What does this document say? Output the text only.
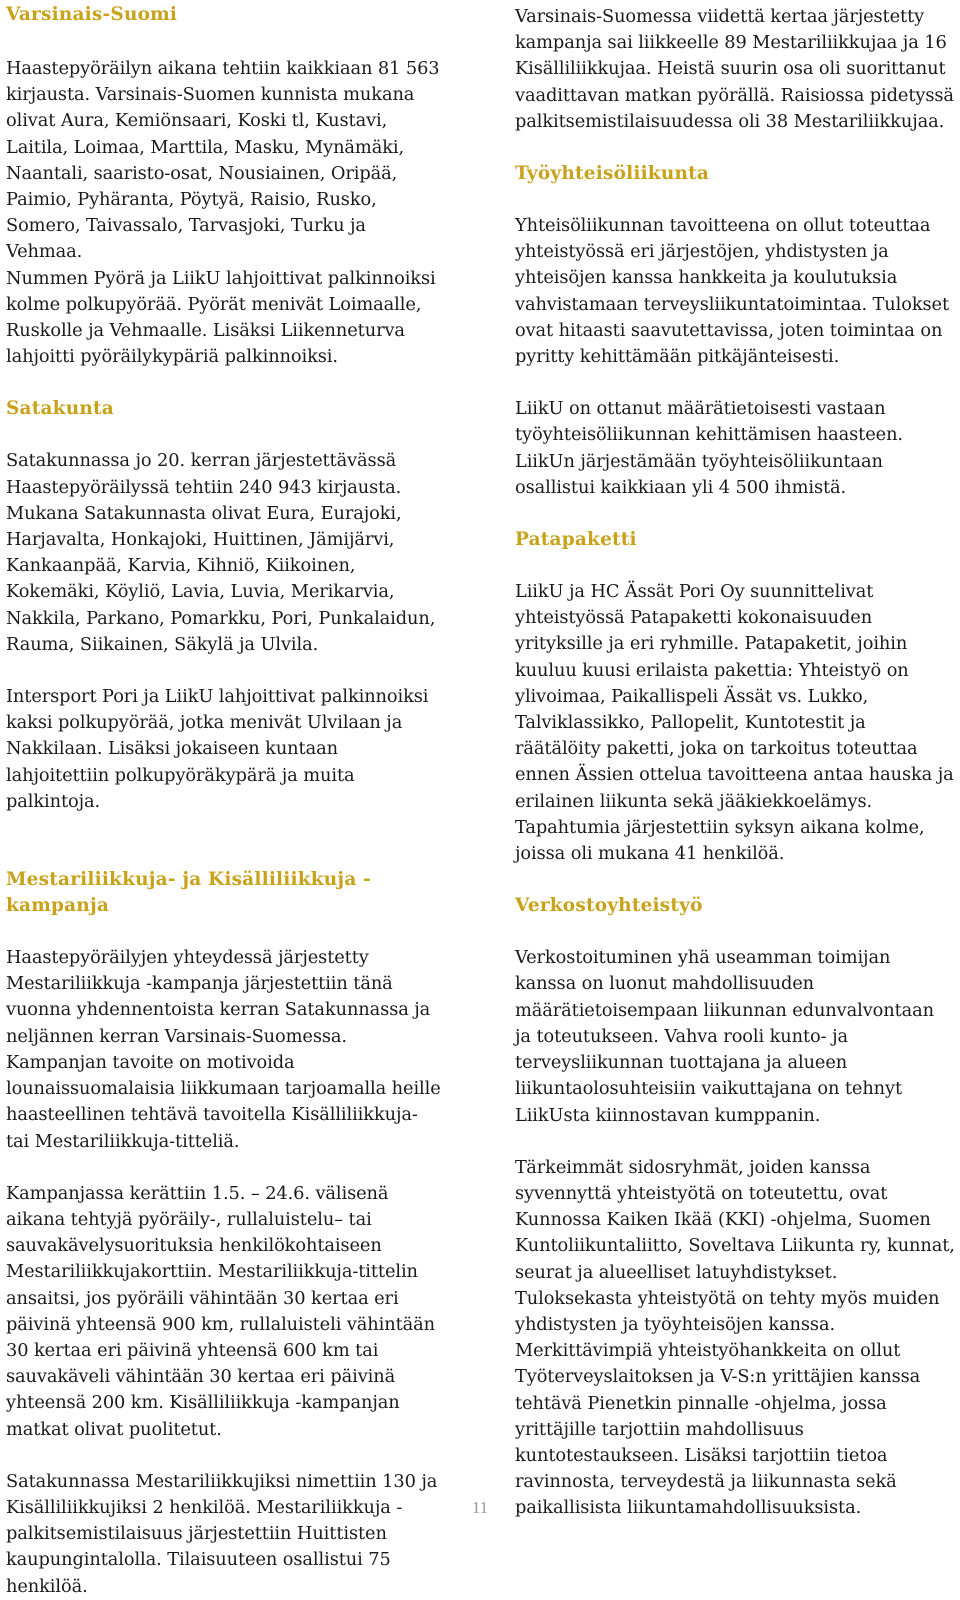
Varsinais-Suomi

Haastepyöräilyn aikana tehtiin kaikkiaan 81 563 kirjausta. Varsinais-Suomen kunnista mukana olivat Aura, Kemiönsaari, Koski tl, Kustavi, Laitila, Loimaa, Marttila, Masku, Mynämäki, Naantali, saaristo-osat, Nousiainen, Oripää, Paimio, Pyhäranta, Pöytyä, Raisio, Rusko, Somero, Taivassalo, Tarvasjoki, Turku ja Vehmaa.

Nummen Pyörä ja LiikU lahjoittivat palkinnoiksi kolme polkupyörää. Pyörät menivät Loimaalle, Ruskolle ja Vehmaalle. Lisäksi Liikenneturva lahjoitti pyöräilykypäriä palkinnoiksi.

Satakunta

Satakunnassa jo 20. kerran järjestettävässä Haastepyöräilyssä tehtiin 240 943 kirjausta. Mukana Satakunnasta olivat Eura, Eurajoki, Harjavalta, Honkajoki, Huittinen, Jämijärvi, Kankaanpää, Karvia, Kihniö, Kiikoinen, Kokemäki, Köyliö, Lavia, Luvia, Merikarvia, Nakkila, Parkano, Pomarkku, Pori, Punkalaidun, Rauma, Siikainen, Säkylä ja Ulvila.

Intersport Pori ja LiikU lahjoittivat palkinnoiksi kaksi polkupyörää, jotka menivät Ulvilaan ja Nakkilaan. Lisäksi jokaiseen kuntaan lahjoitettiin polkupyöräkypärä ja muita palkintoja.

Mestariliikkuja- ja Kisälliliikkuja -kampanja

Haastepyöräilyjen yhteydessä järjestetty Mestariliikkuja -kampanja järjestettiin tänä vuonna yhdennentoista kerran Satakunnassa ja neljännen kerran Varsinais-Suomessa. Kampanjan tavoite on motivoida lounaissuomalaisia liikkumaan tarjoamalla heille haasteellinen tehtävä tavoitella Kisälliliikkuja- tai Mestariliikkuja-titteliä.

Kampanjassa kerättiin 1.5. – 24.6. välisenä aikana tehtyjä pyöräily-, rullaluistelu– tai sauvakävelysuorituksia henkilökohtaiseen Mestariliikkujakorttiin. Mestariliikkuja-tittelin ansaitsi, jos pyöräili vähintään 30 kertaa eri päivinä yhteensä 900 km, rullaluisteli vähintään 30 kertaa eri päivinä yhteensä 600 km tai sauvakäveli vähintään 30 kertaa eri päivinä yhteensä 200 km. Kisälliliikkuja -kampanjan matkat olivat puolitetut.

Satakunnassa Mestariliikkujiksi nimettiin 130 ja Kisälliliikkujiksi 2 henkilöä. Mestariliikkuja -palkitsemistilaisuus järjestettiin Huittisten kaupungintalolla. Tilaisuuteen osallistui 75 henkilöä.

Varsinais-Suomessa viidettä kertaa järjestetty kampanja sai liikkeelle 89 Mestariliikkujaa ja 16 Kisälliliikkujaa. Heistä suurin osa oli suorittanut vaadittavan matkan pyörällä. Raisiossa pidetyssä palkitsemistilaisuudessa oli 38 Mestariliikkujaa.

Työyhteisöliikunta

Yhteisöliikunnan tavoitteena on ollut toteuttaa yhteistyössä eri järjestöjen, yhdistysten ja yhteisöjen kanssa hankkeita ja koulutuksia vahvistamaan terveysliikuntatoimintaa. Tulokset ovat hitaasti saavutettavissa, joten toimintaa on pyritty kehittämään pitkäjänteisesti.

LiikU on ottanut määrätietoisesti vastaan työyhteisöliikunnan kehittämisen haasteen. LiikUn järjestämään työyhteisöliikuntaan osallistui kaikkiaan yli 4 500 ihmistä.

Patapaketti

LiikU ja HC Ässät Pori Oy suunnittelivat yhteistyössä Patapaketti kokonaisuuden yrityksille ja eri ryhmille. Patapaketit, joihin kuuluu kuusi erilaista pakettia: Yhteistyö on ylivoimaa, Paikallispeli Ässät vs. Lukko, Talviklassikko, Pallopelit, Kuntotestit ja räätälöity paketti, joka on tarkoitus toteuttaa ennen Ässien ottelua tavoitteena antaa hauska ja erilainen liikunta sekä jääkiekkoelämys. Tapahtumia järjestettiin syksyn aikana kolme, joissa oli mukana 41 henkilöä.

Verkostoyhteistyö

Verkostoituminen yhä useamman toimijan kanssa on luonut mahdollisuuden määrätietoisempaan liikunnan edunvalvontaan ja toteutukseen. Vahva rooli kunto- ja terveysliikunnan tuottajana ja alueen liikuntaolosuhteisiin vaikuttajana on tehnyt LiikUsta kiinnostavan kumppanin.

Tärkeimmät sidosryhmät, joiden kanssa syvennyttä yhteistyötä on toteutettu, ovat Kunnossa Kaiken Ikää (KKI) -ohjelma, Suomen Kuntoliikuntaliitto, Soveltava Liikunta ry, kunnat, seurat ja alueelliset latuyhdistykset. Tuloksekasta yhteistyötä on tehty myös muiden yhdistysten ja työyhteisöjen kanssa. Merkittävimpiä yhteistyöhankkeita on ollut Työterveyslaitoksen ja V-S:n yrittäjien kanssa tehtävä Pienetkin pinnalle -ohjelma, jossa yrittäjille tarjottiin mahdollisuus kuntotestaukseen. Lisäksi tarjottiin tietoa ravinnosta, terveydestä ja liikunnasta sekä paikallisista liikuntamahdollisuuksista.

11
